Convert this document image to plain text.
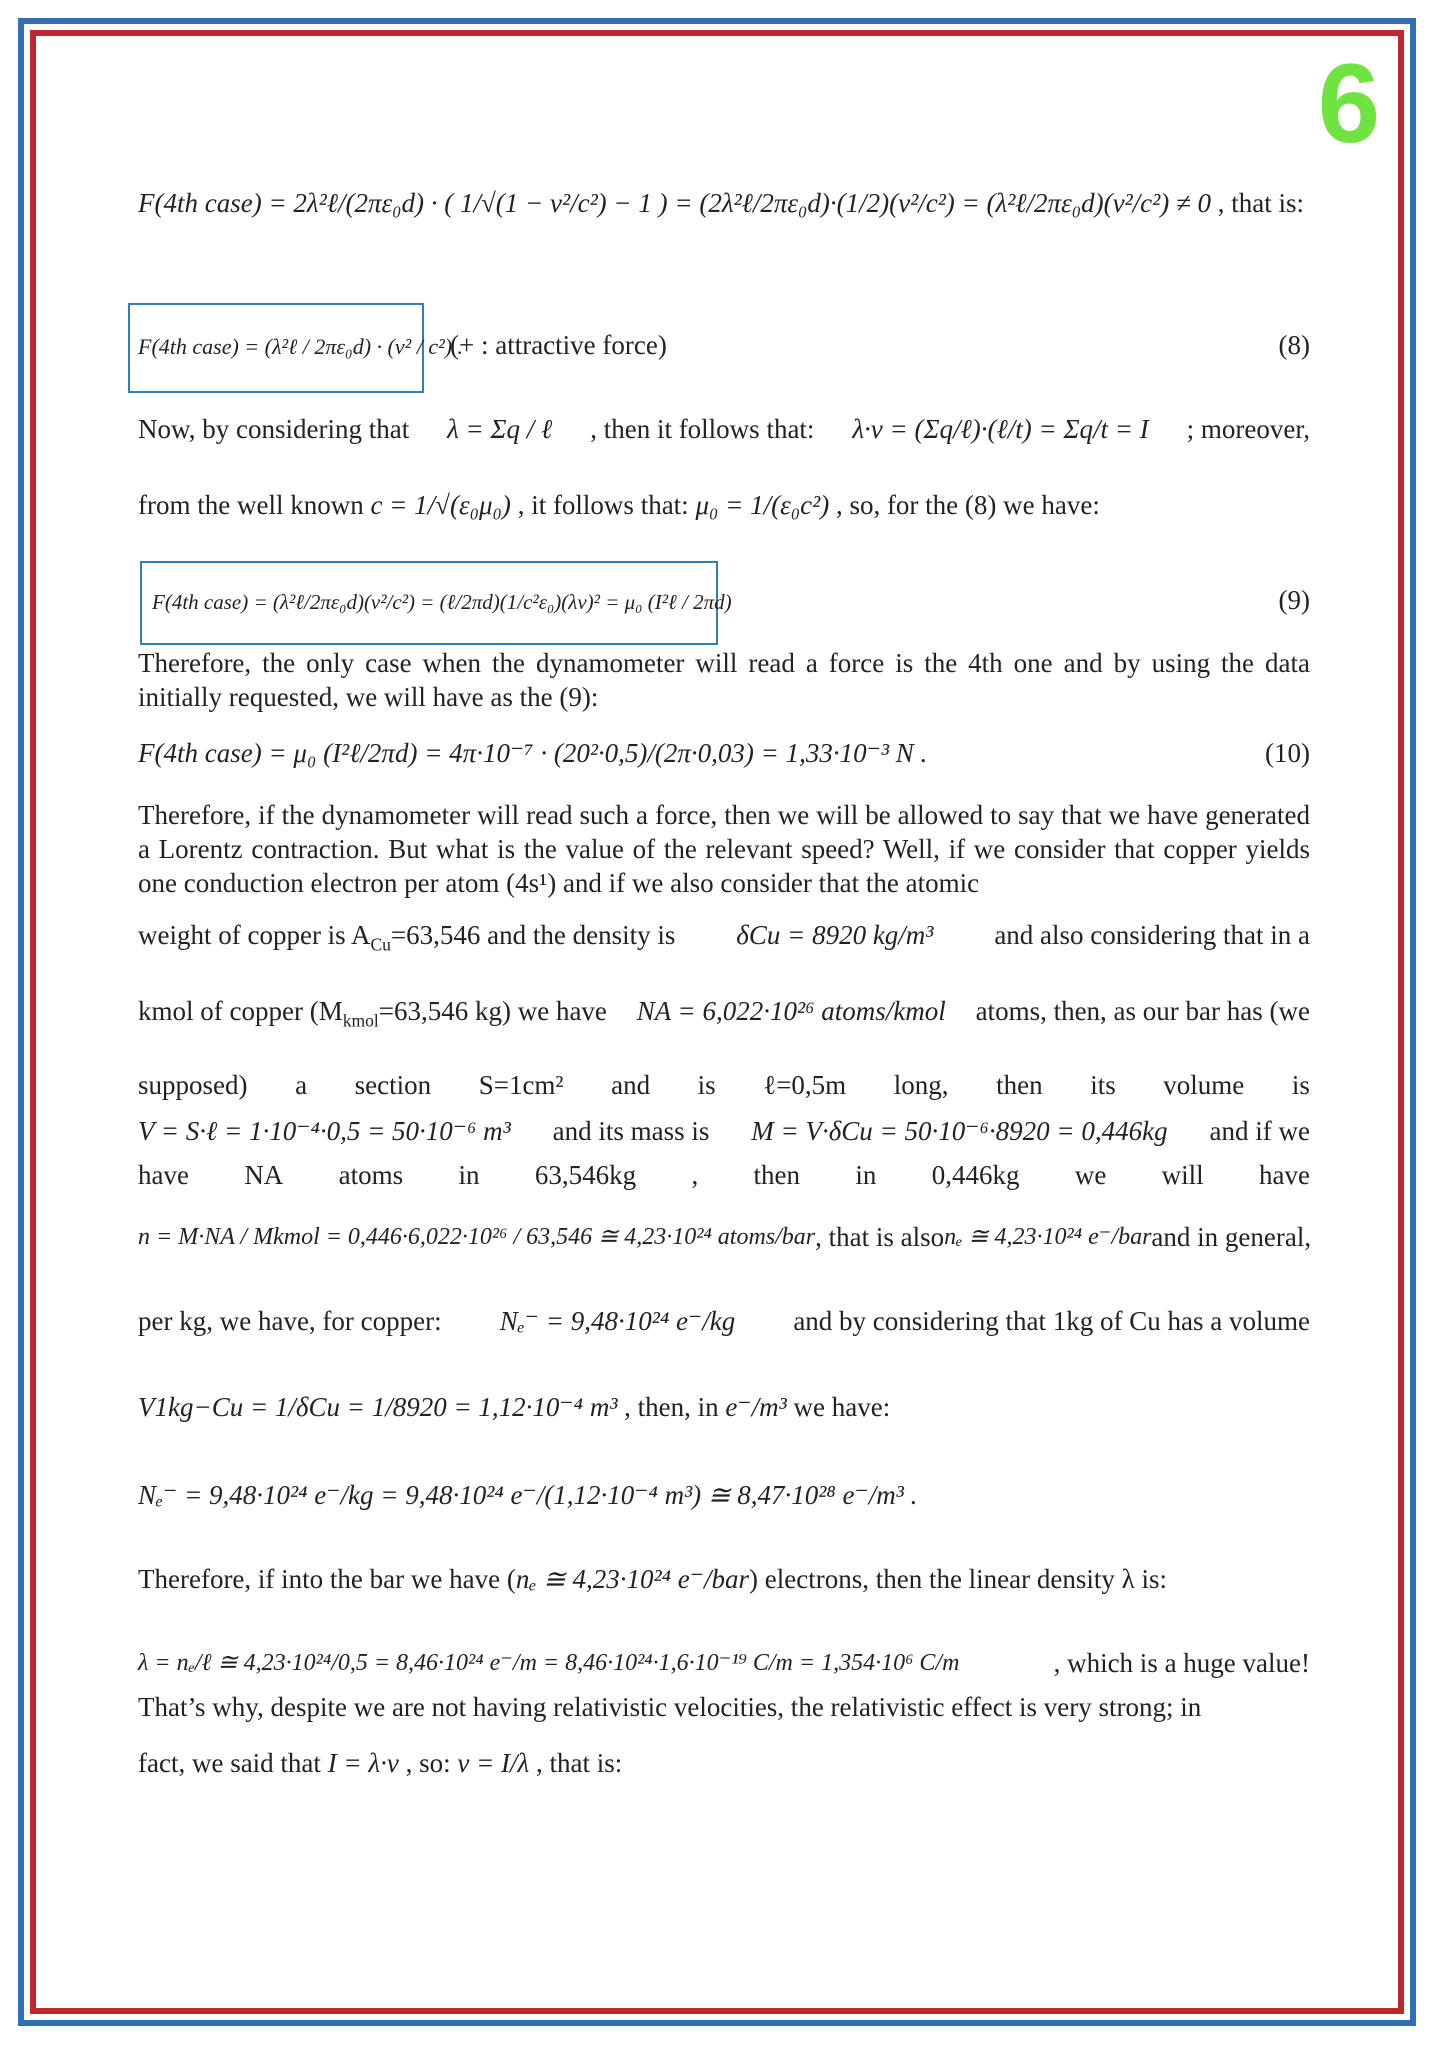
6
F(4th case) = 2λ²ℓ/(2πε₀d) · ( 1/√(1 − v²/c²) − 1 ) = (2λ²ℓ/2πε₀d)·(1/2)(v²/c²) = (λ²ℓ/2πε₀d)(v²/c²) ≠ 0 , that is:
F(4th case) = (λ²ℓ / 2πε₀d) · (v² / c²) .
(+ : attractive force)	(8)
Now, by considering that λ = Σq / ℓ , then it follows that: λ·v = (Σq/ℓ)·(ℓ/t) = Σq/t = I ; moreover,
from the well known c = 1/√(ε₀μ₀) , it follows that: μ₀ = 1/(ε₀c²) , so, for the (8) we have:
F(4th case) = (λ²ℓ/2πε₀d)(v²/c²) = (ℓ/2πd)(1/c²ε₀)(λv)² = μ₀ (I²ℓ / 2πd)	(9)
Therefore, the only case when the dynamometer will read a force is the 4th one and by using the data initially requested, we will have as the (9):
F(4th case) = μ₀ (I²ℓ/2πd) = 4π·10⁻⁷ · (20²·0,5)/(2π·0,03) = 1,33·10⁻³ N .	(10)
Therefore, if the dynamometer will read such a force, then we will be allowed to say that we have generated a Lorentz contraction. But what is the value of the relevant speed? Well, if we consider that copper yields one conduction electron per atom (4s¹) and if we also consider that the atomic
weight of copper is $A_{Cu}=63,546$ and the density is δCu = 8920 kg/m³ and also considering that in a
kmol of copper ($M_{kmol}=63,546$ kg) we have NA = 6,022·10²⁶ atoms/kmol atoms, then, as our bar has (we
supposed) a section S=1cm² and is ℓ=0,5m long, then its volume is
V = S·ℓ = 1·10⁻⁴·0,5 = 50·10⁻⁶ m³ and its mass is M = V·δCu = 50·10⁻⁶·8920 = 0,446kg and if we
have NA atoms in 63,546kg , then in 0,446kg we will have
n = M·NA / Mkmol = 0,446·6,022·10²⁶ / 63,546 ≅ 4,23·10²⁴ atoms/bar , that is also nₑ ≅ 4,23·10²⁴ e⁻/bar and in general,
per kg, we have, for copper: Nₑ⁻ = 9,48·10²⁴ e⁻/kg and by considering that 1kg of Cu has a volume
V1kg−Cu = 1/δCu = 1/8920 = 1,12·10⁻⁴ m³ , then, in e⁻/m³ we have:
Nₑ⁻ = 9,48·10²⁴ e⁻/kg = 9,48·10²⁴ e⁻/(1,12·10⁻⁴ m³) ≅ 8,47·10²⁸ e⁻/m³ .
Therefore, if into the bar we have (nₑ ≅ 4,23·10²⁴ e⁻/bar) electrons, then the linear density λ is:
λ = nₑ/ℓ ≅ 4,23·10²⁴/0,5 = 8,46·10²⁴ e⁻/m = 8,46·10²⁴·1,6·10⁻¹⁹ C/m = 1,354·10⁶ C/m	, which is a huge value!
That’s why, despite we are not having relativistic velocities, the relativistic effect is very strong; in
fact, we said that I = λ·v , so: v = I/λ , that is:
